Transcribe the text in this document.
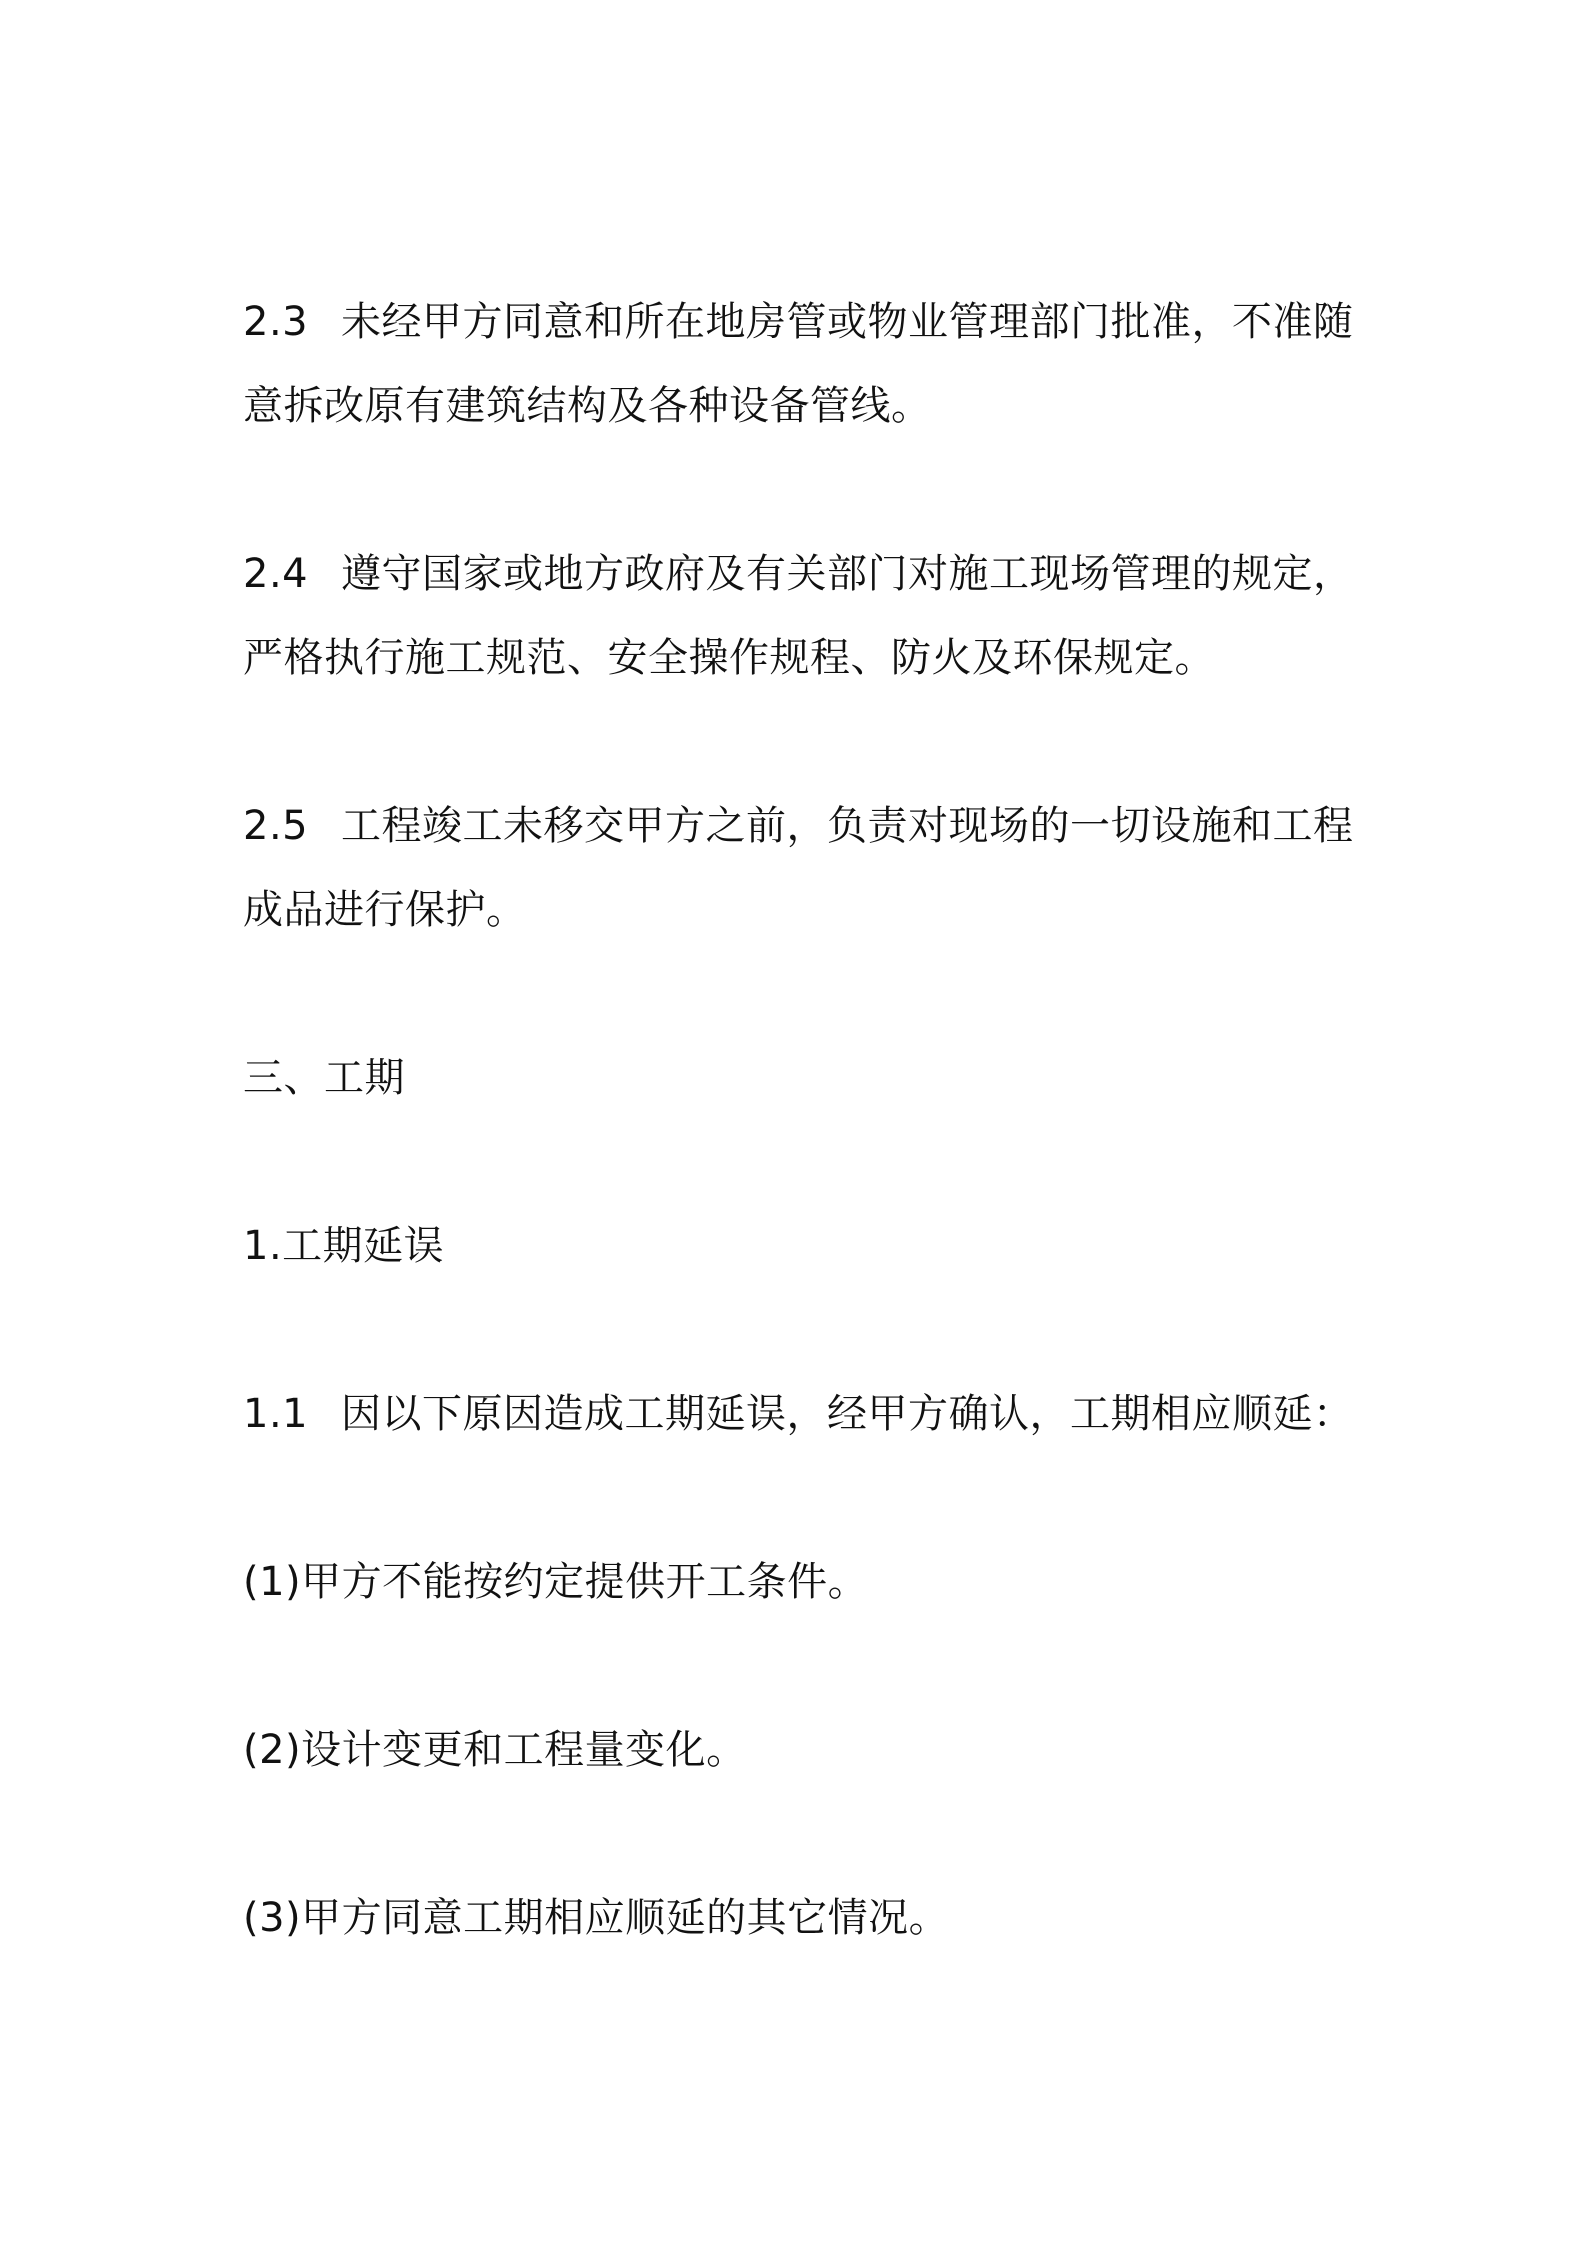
2.3 未经甲方同意和所在地房管或物业管理部门批准，不准随意拆改原有建筑结构及各种设备管线。

2.4 遵守国家或地方政府及有关部门对施工现场管理的规定，严格执行施工规范、安全操作规程、防火及环保规定。

2.5 工程竣工未移交甲方之前，负责对现场的一切设施和工程成品进行保护。

三、工期

1.工期延误

1.1 因以下原因造成工期延误，经甲方确认，工期相应顺延：

(1)甲方不能按约定提供开工条件。

(2)设计变更和工程量变化。

(3)甲方同意工期相应顺延的其它情况。
